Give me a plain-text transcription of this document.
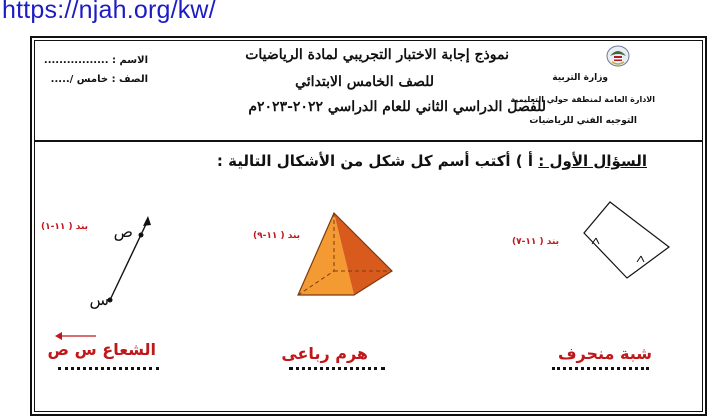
https://njah.org/kw/
وزارة التربية
الادارة العامة لمنطقة حولي التعليمية
التوجيه الفني للرياضيات
نموذج إجابة الاختبار التجريبي لمادة الرياضيات
للصف الخامس الابتدائي
للفصل الدراسي الثاني للعام الدراسي ٢٠٢٢-٢٠٢٣م
الاسم : .................
الصف : خامس /.....
السؤال الأول :
أ ) أكتب أسم كل شكل من الأشكال التالية :
بند ( ١١-٧)
بند ( ١١-٩)
ص
س
بند ( ١١-١)
شبة منحرف
هرم رباعى
الشعاع س ص
